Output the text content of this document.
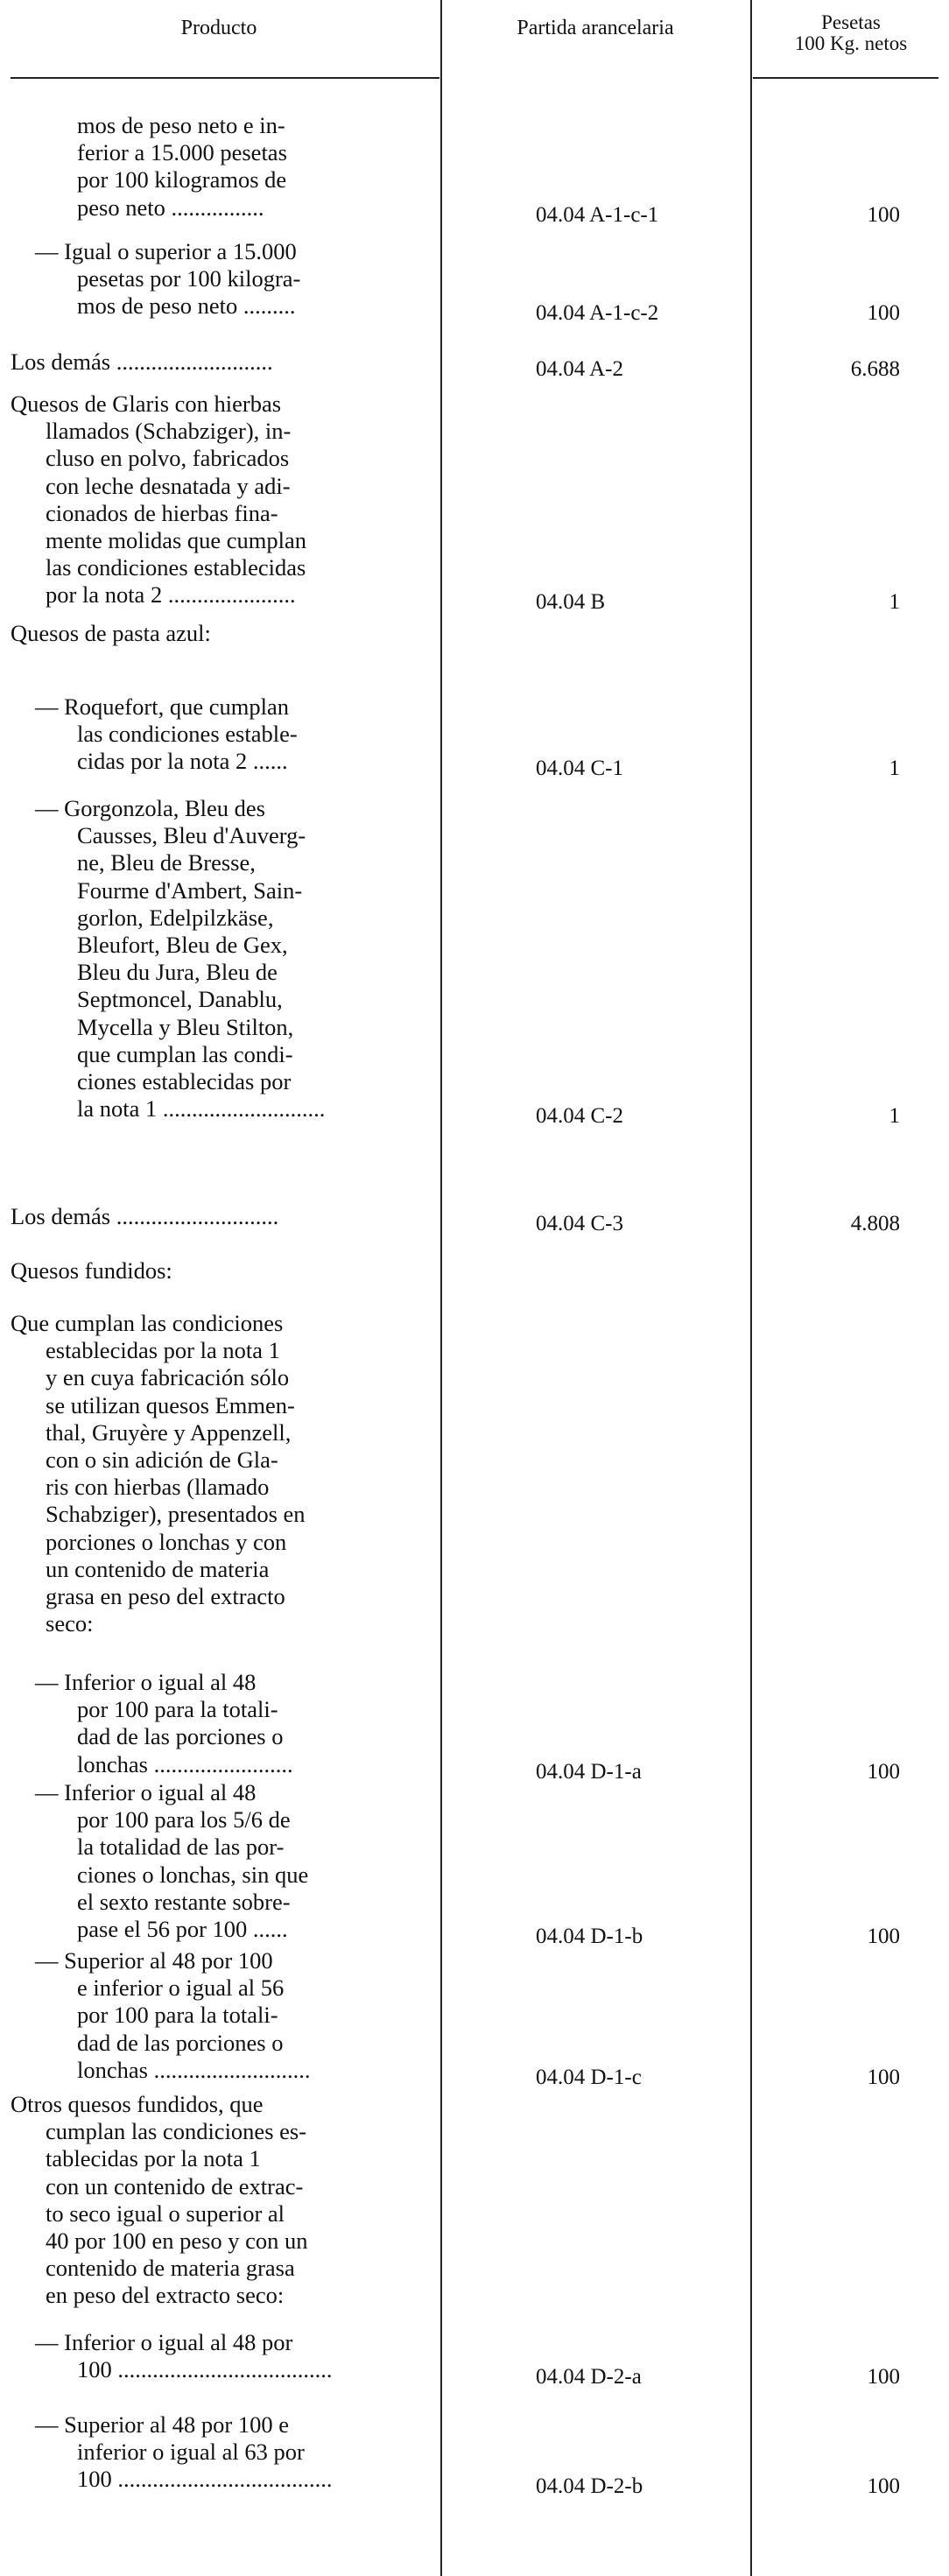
Producto	Partida arancelaria	Pesetas
100 Kg. netos
mos de peso neto e in-
ferior a 15.000 pesetas
por 100 kilogramos de
peso neto ................	04.04 A-1-c-1	100
— Igual o superior a 15.000
pesetas por 100 kilogra-
mos de peso neto .........	04.04 A-1-c-2	100
Los demás ...........................	04.04 A-2	6.688
Quesos de Glaris con hierbas
llamados (Schabziger), in-
cluso en polvo, fabricados
con leche desnatada y adi-
cionados de hierbas fina-
mente molidas que cumplan
las condiciones establecidas
por la nota 2 ......................	04.04 B	1
Quesos de pasta azul:
— Roquefort, que cumplan
las condiciones estable-
cidas por la nota 2 ......	04.04 C-1	1
— Gorgonzola, Bleu des
Causses, Bleu d'Auverg-
ne, Bleu de Bresse,
Fourme d'Ambert, Sain-
gorlon, Edelpilzkäse,
Bleufort, Bleu de Gex,
Bleu du Jura, Bleu de
Septmoncel, Danablu,
Mycella y Bleu Stilton,
que cumplan las condi-
ciones establecidas por
la nota 1 ............................	04.04 C-2	1
Los demás ............................	04.04 C-3	4.808
Quesos fundidos:
Que cumplan las condiciones
establecidas por la nota 1
y en cuya fabricación sólo
se utilizan quesos Emmen-
thal, Gruyère y Appenzell,
con o sin adición de Gla-
ris con hierbas (llamado
Schabziger), presentados en
porciones o lonchas y con
un contenido de materia
grasa en peso del extracto
seco:
— Inferior o igual al 48
por 100 para la totali-
dad de las porciones o
lonchas ........................	04.04 D-1-a	100
— Inferior o igual al 48
por 100 para los 5/6 de
la totalidad de las por-
ciones o lonchas, sin que
el sexto restante sobre-
pase el 56 por 100 ......	04.04 D-1-b	100
— Superior al 48 por 100
e inferior o igual al 56
por 100 para la totali-
dad de las porciones o
lonchas ...........................	04.04 D-1-c	100
Otros quesos fundidos, que
cumplan las condiciones es-
tablecidas por la nota 1
con un contenido de extrac-
to seco igual o superior al
40 por 100 en peso y con un
contenido de materia grasa
en peso del extracto seco:
— Inferior o igual al 48 por
100 .....................................	04.04 D-2-a	100
— Superior al 48 por 100 e
inferior o igual al 63 por
100 .....................................	04.04 D-2-b	100
